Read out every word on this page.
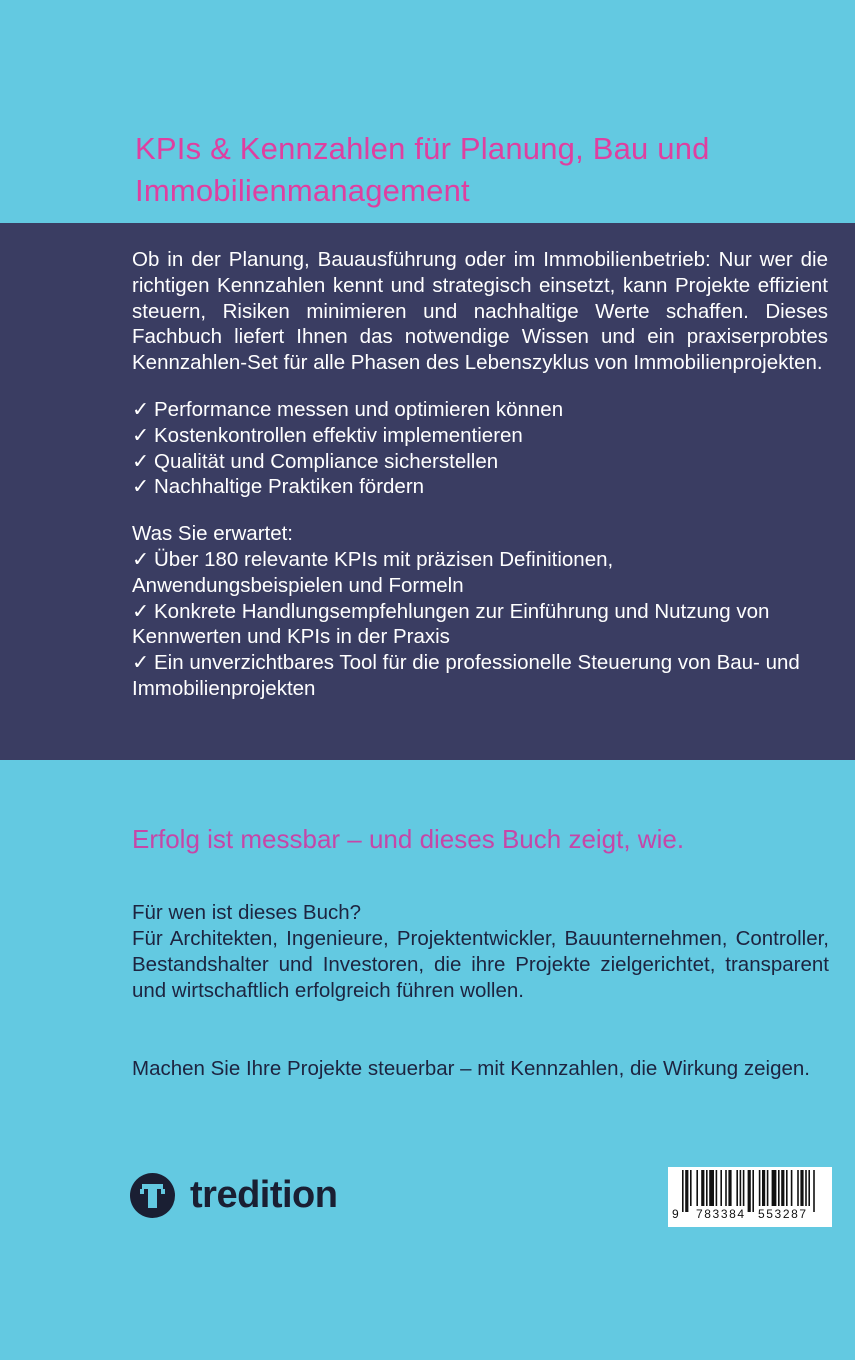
KPIs & Kennzahlen für Planung, Bau und
Immobilienmanagement

Ob in der Planung, Bauausführung oder im Immobilienbetrieb: Nur wer die richtigen Kennzahlen kennt und strategisch einsetzt, kann Projekte effizient steuern, Risiken minimieren und nachhaltige Werte schaffen. Dieses Fachbuch liefert Ihnen das notwendige Wissen und ein praxiserprobtes Kennzahlen-Set für alle Phasen des Lebenszyklus von Immobilienprojekten.

✓ Performance messen und optimieren können
✓ Kostenkontrollen effektiv implementieren
✓ Qualität und Compliance sicherstellen
✓ Nachhaltige Praktiken fördern
Was Sie erwartet:
✓ Über 180 relevante KPIs mit präzisen Definitionen, Anwendungsbeispielen und Formeln
✓ Konkrete Handlungsempfehlungen zur Einführung und Nutzung von Kennwerten und KPIs in der Praxis
✓ Ein unverzichtbares Tool für die professionelle Steuerung von Bau- und Immobilienprojekten

Erfolg ist messbar – und dieses Buch zeigt, wie.

Für wen ist dieses Buch?
Für Architekten, Ingenieure, Projektentwickler, Bauunternehmen, Controller, Bestandshalter und Investoren, die ihre Projekte zielgerichtet, transparent und wirtschaftlich erfolgreich führen wollen.

Machen Sie Ihre Projekte steuerbar – mit Kennzahlen, die Wirkung zeigen.

tredition	9 783384 553287
